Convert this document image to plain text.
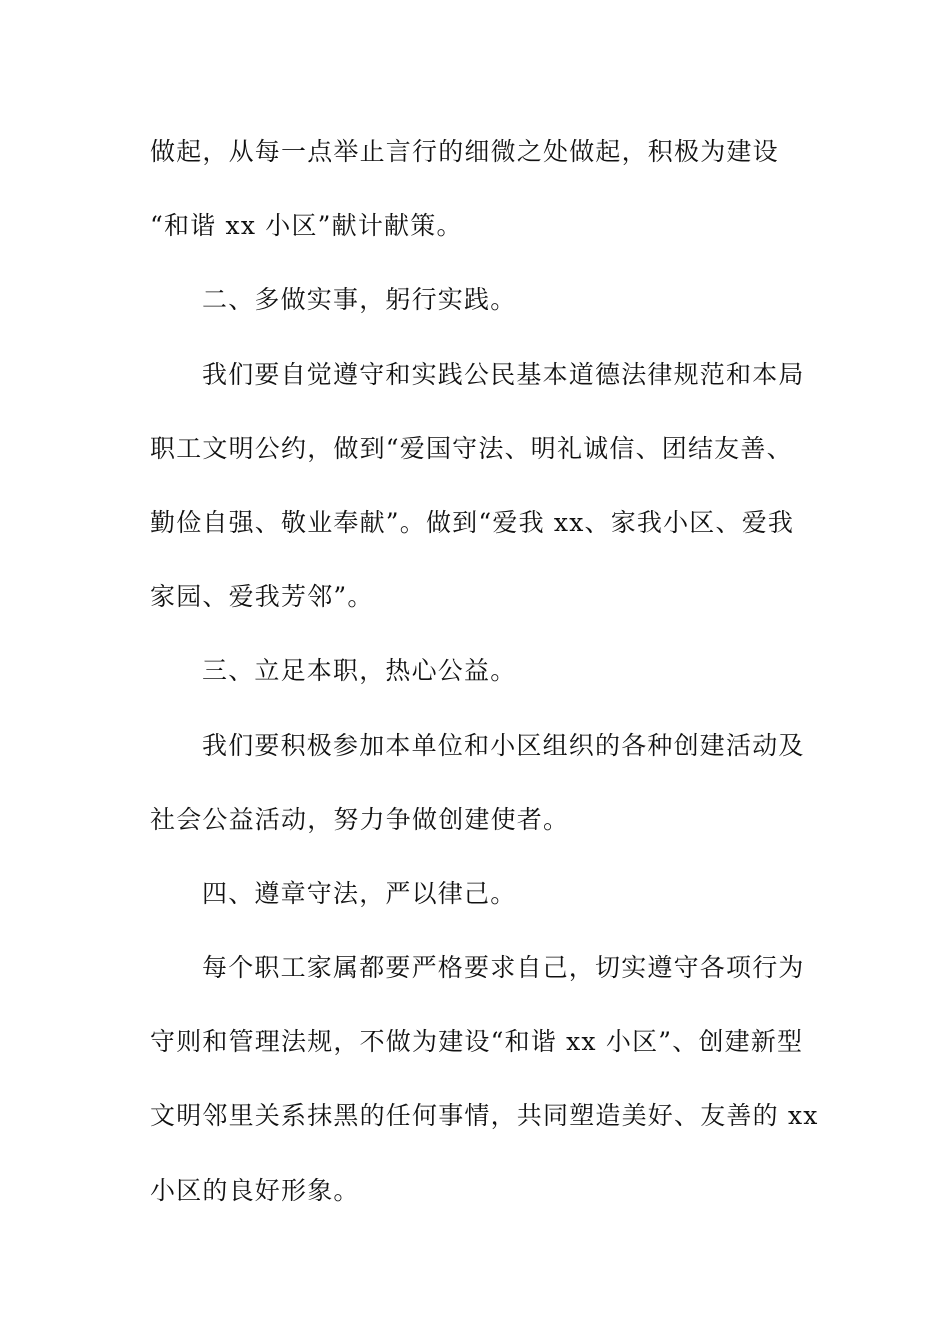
做起，从每一点举止言行的细微之处做起，积极为建设
“和谐 xx 小区”献计献策。
二、多做实事，躬行实践。
我们要自觉遵守和实践公民基本道德法律规范和本局
职工文明公约，做到“爱国守法、明礼诚信、团结友善、
勤俭自强、敬业奉献”。做到“爱我 xx、家我小区、爱我
家园、爱我芳邻”。
三、立足本职，热心公益。
我们要积极参加本单位和小区组织的各种创建活动及
社会公益活动，努力争做创建使者。
四、遵章守法，严以律己。
每个职工家属都要严格要求自己，切实遵守各项行为
守则和管理法规，不做为建设“和谐 xx 小区”、创建新型
文明邻里关系抹黑的任何事情，共同塑造美好、友善的 xx
小区的良好形象。
